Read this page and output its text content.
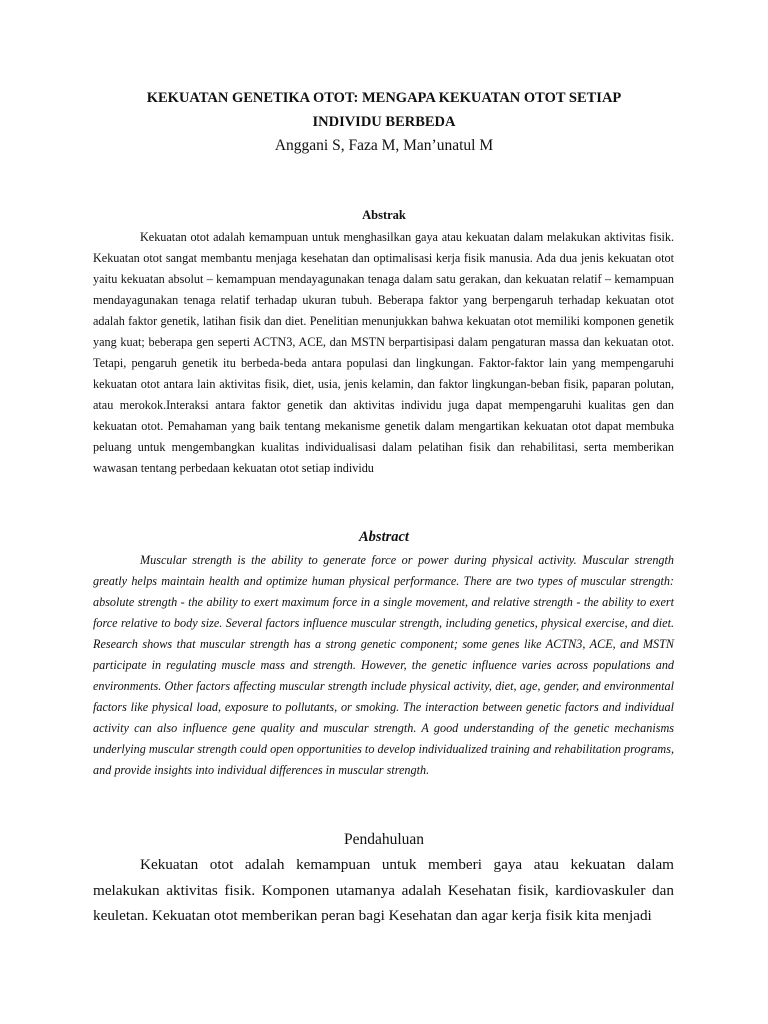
KEKUATAN GENETIKA OTOT: MENGAPA KEKUATAN OTOT SETIAP
INDIVIDU BERBEDA
Anggani S, Faza M, Man’unatul M
Abstrak

Kekuatan otot adalah kemampuan untuk menghasilkan gaya atau kekuatan dalam melakukan aktivitas fisik. Kekuatan otot sangat membantu menjaga kesehatan dan optimalisasi kerja fisik manusia. Ada dua jenis kekuatan otot yaitu kekuatan absolut – kemampuan mendayagunakan tenaga dalam satu gerakan, dan kekuatan relatif – kemampuan mendayagunakan tenaga relatif terhadap ukuran tubuh. Beberapa faktor yang berpengaruh terhadap kekuatan otot adalah faktor genetik, latihan fisik dan diet. Penelitian menunjukkan bahwa kekuatan otot memiliki komponen genetik yang kuat; beberapa gen seperti ACTN3, ACE, dan MSTN berpartisipasi dalam pengaturan massa dan kekuatan otot. Tetapi, pengaruh genetik itu berbeda-beda antara populasi dan lingkungan. Faktor-faktor lain yang mempengaruhi kekuatan otot antara lain aktivitas fisik, diet, usia, jenis kelamin, dan faktor lingkungan-beban fisik, paparan polutan, atau merokok.Interaksi antara faktor genetik dan aktivitas individu juga dapat mempengaruhi kualitas gen dan kekuatan otot. Pemahaman yang baik tentang mekanisme genetik dalam mengartikan kekuatan otot dapat membuka peluang untuk mengembangkan kualitas individualisasi dalam pelatihan fisik dan rehabilitasi, serta memberikan wawasan tentang perbedaan kekuatan otot setiap individu

Abstract

Muscular strength is the ability to generate force or power during physical activity. Muscular strength greatly helps maintain health and optimize human physical performance. There are two types of muscular strength: absolute strength - the ability to exert maximum force in a single movement, and relative strength - the ability to exert force relative to body size. Several factors influence muscular strength, including genetics, physical exercise, and diet. Research shows that muscular strength has a strong genetic component; some genes like ACTN3, ACE, and MSTN participate in regulating muscle mass and strength. However, the genetic influence varies across populations and environments. Other factors affecting muscular strength include physical activity, diet, age, gender, and environmental factors like physical load, exposure to pollutants, or smoking. The interaction between genetic factors and individual activity can also influence gene quality and muscular strength. A good understanding of the genetic mechanisms underlying muscular strength could open opportunities to develop individualized training and rehabilitation programs, and provide insights into individual differences in muscular strength.

Pendahuluan

Kekuatan otot adalah kemampuan untuk memberi gaya atau kekuatan dalam melakukan aktivitas fisik. Komponen utamanya adalah Kesehatan fisik, kardiovaskuler dan keuletan. Kekuatan otot memberikan peran bagi Kesehatan dan agar kerja fisik kita menjadi
